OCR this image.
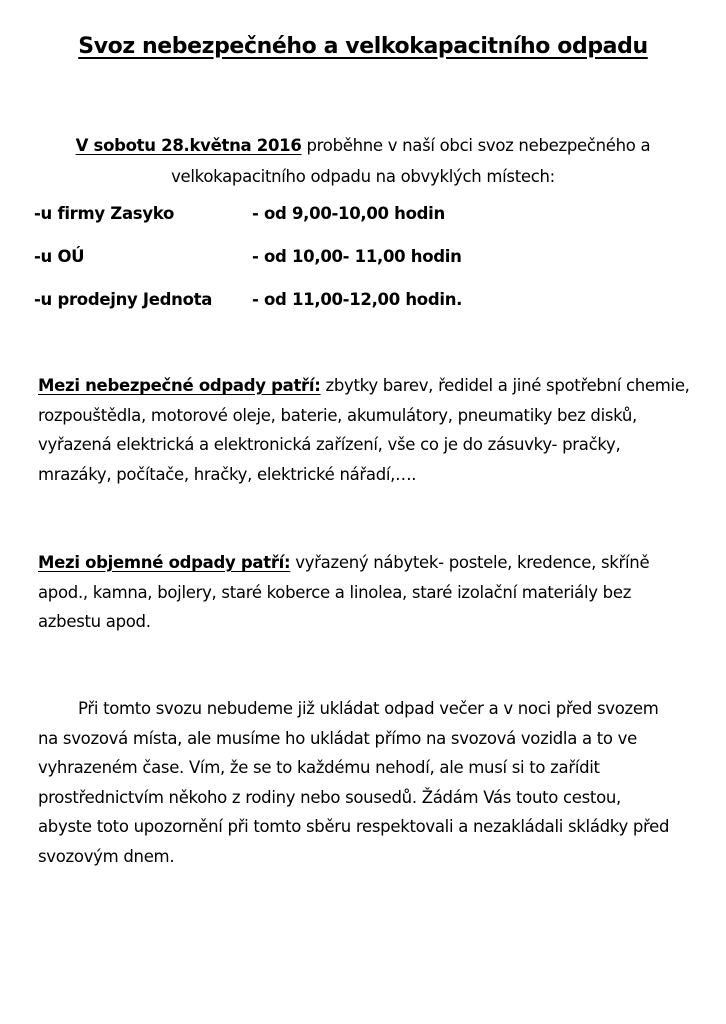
Svoz nebezpečného a velkokapacitního odpadu
V sobotu 28.května 2016 proběhne v naší obci svoz nebezpečného a velkokapacitního odpadu na obvyklých místech:
-u firmy Zasyko	- od 9,00-10,00 hodin
-u OÚ	- od 10,00- 11,00 hodin
-u prodejny Jednota - od 11,00-12,00 hodin.
Mezi nebezpečné odpady patří: zbytky barev, ředidel a jiné spotřební chemie, rozpouštědla, motorové oleje, baterie, akumulátory, pneumatiky bez disků, vyřazená elektrická a elektronická zařízení, vše co je do zásuvky- pračky, mrazáky, počítače, hračky, elektrické nářadí,….
Mezi objemné odpady patří: vyřazený nábytek- postele, kredence, skříně apod., kamna, bojlery, staré koberce a linolea, staré izolační materiály bez azbestu apod.
Při tomto svozu nebudeme již ukládat odpad večer a v noci před svozem na svozová místa, ale musíme ho ukládat přímo na svozová vozidla a to ve vyhrazeném čase. Vím, že se to každému nehodí, ale musí si to zařídit prostřednictvím někoho z rodiny nebo sousedů. Žádám Vás touto cestou, abyste toto upozornění při tomto sběru respektovali a nezakládali skládky před svozovým dnem.
